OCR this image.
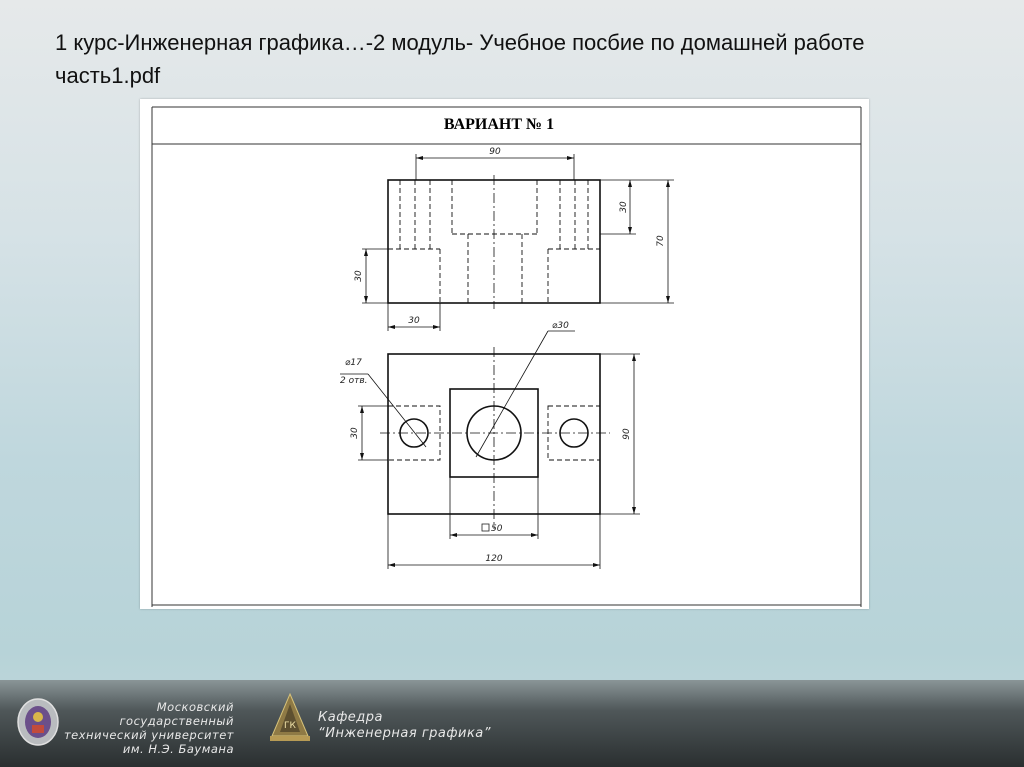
1 курс-Инженерная графика…-2 модуль- Учебное посбие по домашней работе часть1.pdf
ВАРИАНТ № 1
90
30
70
30
30
⌀17
2 отв.
⌀30
30	90
50
120
Московский государственный
технический университет
им. Н.Э. Баумана
ГК
Кафедра
“Инженерная графика”
